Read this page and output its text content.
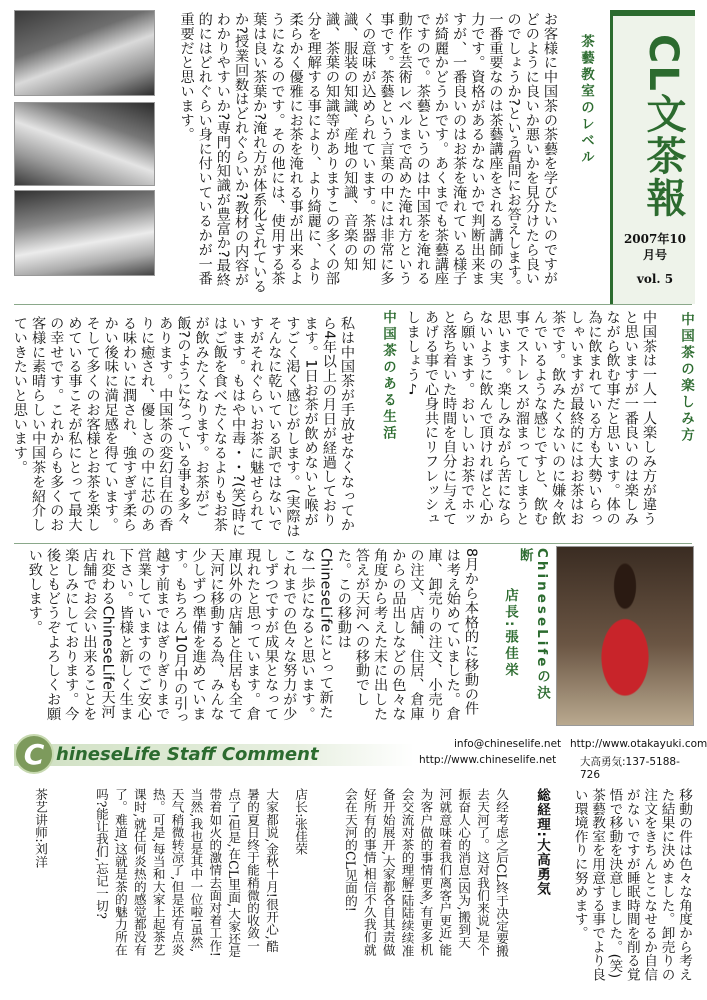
お客様に中国茶の茶藝を学びたいのですがどのように良いか悪いかを見分けたら良いのでしょうか?という質問にお答えします。一番重要なのは茶藝講座をされる講師の実力です。資格があるかないかで判断出来ますが、一番良いのはお茶を淹れている様子が綺麗かどうかです。あくまでも茶藝講座ですので。茶藝というのは中国茶を淹れる動作を芸術レベルまで高めた淹れ方という事です。茶藝という言葉の中には非常に多くの意味が込められています。茶器の知識、服装の知識、産地の知識、音楽の知識、茶葉の知識等がありますこの多くの部分を理解する事により、より綺麗に、より柔らかく優雅にお茶を淹れる事が出来るようになるのです。その他には、使用する茶葉は良い茶葉か?淹れ方が体系化されているか?授業回数はどれぐらいか?教材の内容がわかりやすいか?専門的知識が豊富か?最終的にはどれぐらい身に付いているかが一番重要だと思います。	茶藝教室のレベル	CL文茶報
2007年10月号
vol. 5
私は中国茶が手放せなくなってから4年以上の月日が経過しております。1日お茶が飲めないと喉がすごく渇く感じがします。(実際はそんなに乾いている訳ではないですがそれぐらいお茶に魅せられています。もはや中毒・・?(笑)時にはご飯を食べたくなるよりもお茶が飲みたくなります。お茶がご飯?のようになっている事も多々あります。中国茶の変幻自在の香りに癒され、優しさの中に芯のある味わいに潤され、強すぎず柔らかい後味に満足感を得ています。そして多くのお客様とお茶を楽しめている事こそが私にとって最大の幸せです。これからも多くのお客様に素晴らしい中国茶を紹介していきたいと思います。	中国茶のある生活	中国茶は一人一人楽しみ方が違うと思いますが一番良いのは楽しみながら飲む事だと思います。体の為に飲まれている方も大勢いらっしゃいますが最終的にはお茶はお茶です。飲みたくないのに嫌々飲んでいるような感じですと、飲む事でストレスが溜まってしまうと思います。楽しみながら苦にならないように飲んで頂ければと心から願います。おいしいお茶でホッと落ち着いた時間を自分に与えてあげる事で心身共にリフレッシュしましょう♪	中国茶の楽しみ方
8月から本格的に移動の件は考え始めていました。倉庫、卸売りの注文、小売りの注文、店舗、住居、倉庫からの品出しなどの色々な角度から考えた末に出した答えが天河への移動でした。この移動はChineseLifeにとって新たな一歩になると思います。これまでの色々な努力が少しずつですが成果となって現れたと思っています。倉庫以外の店舗と住居も全て天河に移動する為、みんな少しずつ準備を進めています。もちろん10月中の引っ越す前まではぎりぎりまで営業していますのでご安心下さい。皆様と新しく生まれ変わるChineseLife天河店舗でお会い出来ることを楽しみにしております。今後ともどうぞよろしくお願い致します。	ChineseLifeの決断
店長:張佳栄
C hineseLife Staff Comment	info@chineselife.net
http://www.chineselife.net
http://www.otakayuki.com
大高勇気:137-5188-726
移動の件は色々な角度から考えた結果に決めました。卸売りの注文をきちんとこなせるか自信がないですが睡眠時間を削る覚悟で移動を決意しました。(笑)茶藝教室を用意する事でより良い環境作りに努めます。
総経理:大高勇気
久经考虑之后CL终于决定要搬去天河了。这对我们来说,是个振奋人心的消息!因为,搬到天河就意味着我们离客户更近,能为客户做的事情更多,有更多机会交流对茶的理解!陆陆续续准备开始展开,大家都各自其责做好所有的事情,相信不久我们就会在天河的CL见面的!
店长:张佳荣
大家都说,金秋十月!很开心,酷暑的夏日终于能稍微的收敛一点了!但是,在CL里面,大家还是带着如火的激情去面对着工作!当然,我也是其中一位啦!虽然,天气稍微转凉了,但是还有点炎热。可是,每当和大家上起茶艺课时,就任何炎热的感觉都没有了。难道,这就是茶的魅力所在吗?能让我们,忘记一切?
茶艺讲师:刘洋
